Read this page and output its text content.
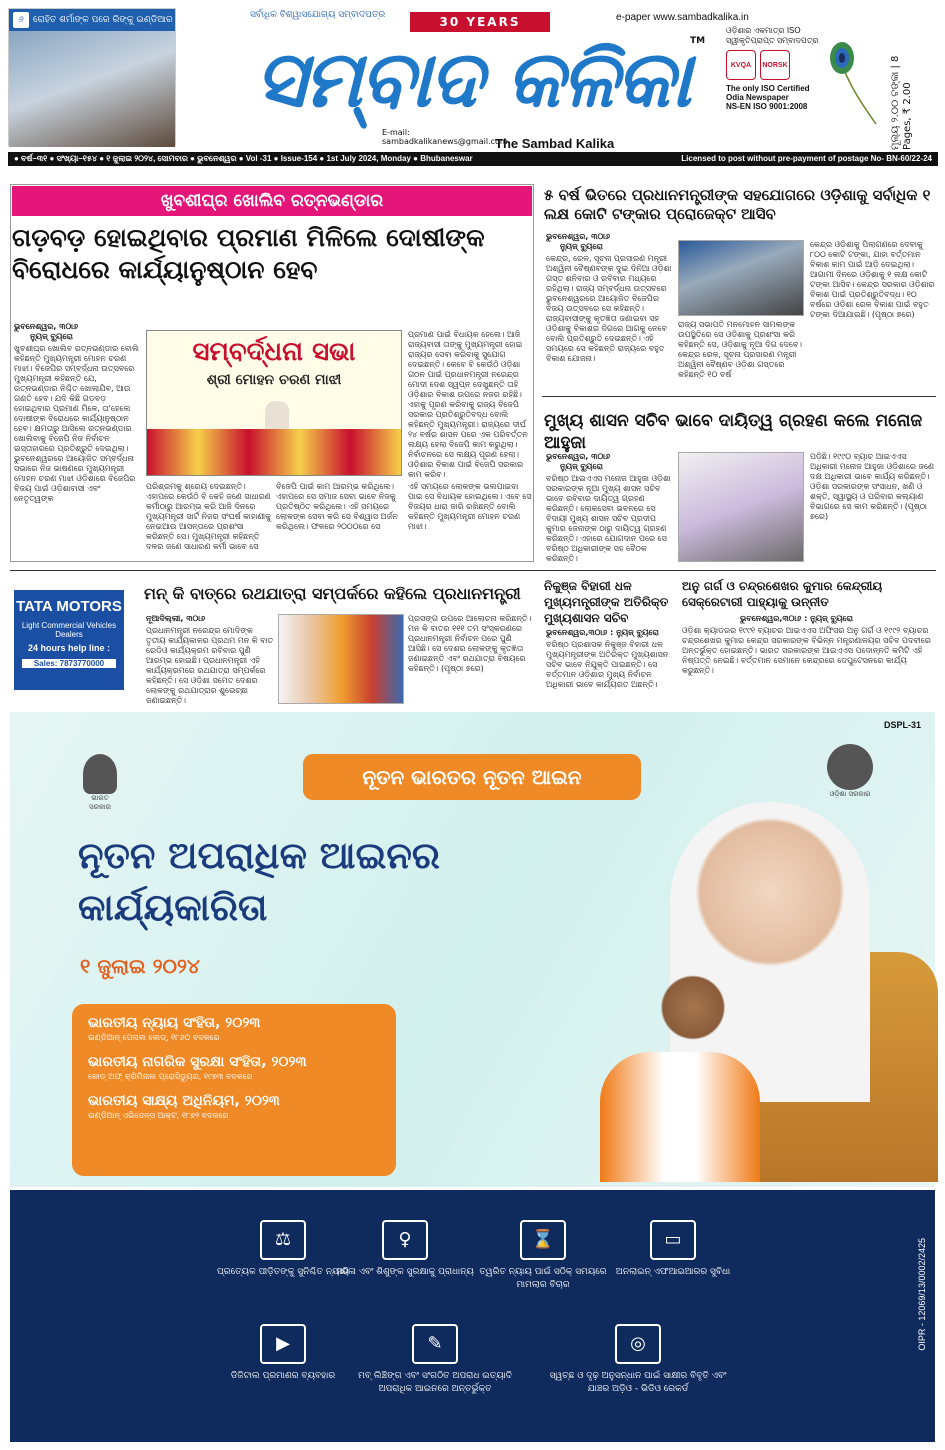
୬ ରୋହିତ ଶର୍ମାଙ୍କ ପରେ ରିଙ୍କୁ ଇଣ୍ଡିଆର କ୍ୟାପ୍ଟେନ ହେବେ କି କୋହଲି
ସର୍ବାଧିକ ବିଶ୍ୱାସଯୋଗ୍ୟ ସମ୍ବାଦପତ୍ର	30 YEARS
ସମ୍ବାଦ କଳିକା TM
E-mail:
sambadkalikanews@gmail.com
The Sambad Kalika
e-paper www.sambadkalika.in
ଓଡ଼ିଶାର ଏକମାତ୍ର ISO ସ୍ୱୀକୃତିପ୍ରାପ୍ତ ସମ୍ବାଦପତ୍ର
KVQA	NORSK
The only ISO Certified
Odia Newspaper
NS-EN ISO 9001:2008	ମୂଲ୍ୟ ୨.୦୦ ଟଙ୍କା | 8 Pages, ₹ 2.00
● ବର୍ଷ–୩୧ ● ସଂଖ୍ୟା–୧୫୪ ● ୧ ଜୁଲାଇ ୨୦୨୪, ସୋମବାର ● ଭୁବନେଶ୍ୱର ● Vol -31 ● Issue-154 ● 1st July 2024, Monday ● Bhubaneswar	Licensed to post without pre-payment of postage No- BN-60/22-24
ଖୁବଶୀଘ୍ର ଖୋଲିବ ରତ୍ନଭଣ୍ଡାର
ଗଡ଼ବଡ଼ ହୋଇଥିବାର ପ୍ରମାଣ ମିଳିଲେ ଦୋଷୀଙ୍କ ବିରୋଧରେ କାର୍ଯ୍ୟାନୁଷ୍ଠାନ ହେବ
ଭୁବନେଶ୍ୱର, ୩୦ା୬
ନ୍ୟୁଜ୍ ବ୍ୟୁରୋ
ଖୁବଶୀଘ୍ର ଖୋଲିବ ରତ୍ନଭଣ୍ଡାର ବୋଲି କହିଛନ୍ତି ମୁଖ୍ୟମନ୍ତ୍ରୀ ମୋହନ ଚରଣ ମାଝୀ। ବିଜେପିର ସମ୍ବର୍ଦ୍ଧନା ଉତ୍ସବରେ ମୁଖ୍ୟମନ୍ତ୍ରୀ କହିଛନ୍ତି ଯେ, ରତ୍ନଭଣ୍ଡାର ନିଶ୍ଚିତ ଖୋଲାଯିବ, ଆଉ ଗଣତି ହେବ। ଯଦି କିଛି ଗଡ଼ବଡ଼ ହୋଇଥିବାର ପ୍ରମାଣ ମିଳେ, ତା'ହେଲେ ଦୋଷୀଙ୍କ ବିରୋଧରେ କାର୍ଯ୍ୟାନୁଷ୍ଠାନ ହେବ। କ୍ଷମତାରୁ ଆସିଲେ ରତ୍ନଭଣ୍ଡାର ଖୋଲିବାକୁ ବିଜେପି ନିଜ ନିର୍ବାଚନ ଇସ୍ତାହାରରେ ପ୍ରତିଶ୍ରୁତି ଦେଇଥିଲା। ଭୁବନେଶ୍ୱରରେ ଆୟୋଜିତ ସମ୍ବର୍ଦ୍ଧନା ସଭାରେ ନିଜ ଭାଷଣରେ ମୁଖ୍ୟମନ୍ତ୍ରୀ ମୋହନ ଚରଣ ମାଝୀ ଓଡ଼ିଶାରେ ବିଜେପିର ବିଜୟ ପାଇଁ ଓଡ଼ିଶାବାସୀ ଏବଂ ନେତୃତ୍ୱଙ୍କ
ସମ୍ବର୍ଦ୍ଧନା ସଭା
ଶ୍ରୀ ମୋହନ ଚରଣ ମାଝୀ
ପ୍ରମାଣ ପାଇଁ ବିଧାୟକ ହେଲେ। ଆଜି ରାଜ୍ୟବାସୀ ତାଙ୍କୁ ମୁଖ୍ୟମନ୍ତ୍ରୀ ହୋଇ ରାଜ୍ୟର ସେବା କରିବାକୁ ସୁଯୋଗ ଦେଇଛନ୍ତି। କେବେ ବି କେଉଁଠି ଓଡ଼ିଶା ଗଠନ ପାଇଁ ପ୍ରଧାନମନ୍ତ୍ରୀ ନରେନ୍ଦ୍ର ମୋଦୀ ଦେଶ ସ୍ୱପ୍ନ ଦେଖୁଛନ୍ତି ତାହି ଓଡ଼ିଶାର ବିକାଶ ଉପରେ ନଜର ରହିଛି। ଏହାକୁ ପୂରଣ କରିବାକୁ ରାଜ୍ୟ ବିଜେପି ସରକାର ପ୍ରତିଶ୍ରୁତିବଦ୍ଧ ବୋଲି କହିଛନ୍ତି ମୁଖ୍ୟମନ୍ତ୍ରୀ। ରାଜ୍ୟରେ ଦୀର୍ଘ ୨୪ ବର୍ଷର ଶାସନ ପରେ ଏକ ପରିବର୍ତ୍ତନ ଲକ୍ଷ୍ୟ ହେଲା ବିଜେପି କାମ କରୁଥିଲା। ନିର୍ବାଚନରେ ସେ ଲକ୍ଷ୍ୟ ପୂରଣ ହେଲା। ଓଡ଼ିଶାର ବିକାଶ ପାଇଁ ବିଜେପି ସରକାର କାମ କରିବ।
ପରିଶ୍ରମକୁ ଶ୍ରେୟ ଦେଇଛନ୍ତି। ଏହାପରେ କେଉଁଠି ବି କେହି ଜଣେ ସାଧାରଣ କର୍ମୀଠାରୁ ଆରମ୍ଭ କରି ଆଜି ଦିନରେ ମୁଖ୍ୟମନ୍ତ୍ରୀ ସାର୍ଟ ନିଜର ସଂଘର୍ଷ କାହାଣୀକୁ ନେଇଆଉ ଆସନ୍ତାରେ ପ୍ରଶଂସା କରିଛନ୍ତି ସେ। ମୁଖ୍ୟମନ୍ତ୍ରୀ କହିଛନ୍ତି ଦଳର ଜଣେ ସାଧାରଣ କର୍ମୀ ଭାବେ ସେ
ବିଜେପି ପାଇଁ କାମ ଆରମ୍ଭ କରିଥିଲେ। ଏହାପରେ ସେ ସମାଜ ସେବା ଭାବେ ନିଜକୁ ପ୍ରତିଷ୍ଠିତ କରିଥିଲେ। ଏହି ସମୟରେ ଲୋକଙ୍କ ସେବା କରି ସେ ବିଶ୍ୱାସ ଅର୍ଜନ କରିଥିଲେ। ଫଳରେ ୨୦୦୦ରେ ସେ
ଏହି ସମୟରେ ଲୋକଙ୍କ ଭଲପାଇବା ପାଇ ସେ ବିଧାୟକ ହୋଇଥିଲେ। ଏବେ ସେ ବିଜୟର ଧାରା ଜାରି ରଖିଛନ୍ତି ବୋଲି କହିଛନ୍ତି ମୁଖ୍ୟମନ୍ତ୍ରୀ ମୋହନ ଚରଣ ମାଝୀ।
୫ ବର୍ଷ ଭିତରେ ପ୍ରଧାନମନ୍ତ୍ରୀଙ୍କ ସହଯୋଗରେ ଓଡ଼ିଶାକୁ ସର୍ବାଧିକ ୧ ଲକ୍ଷ କୋଟି ଟଙ୍କାର ପ୍ରୋଜେକ୍ଟ ଆସିବ
ଭୁବନେଶ୍ୱର, ୩୦ା୬
ନ୍ୟୁଜ୍ ବ୍ୟୁରୋ
କେନ୍ଦ୍ର, ରେଳ, ସୂଚନା ପ୍ରସାରଣ ମନ୍ତ୍ରୀ ଅଶ୍ୱିନୀ ବୈଷ୍ଣବଙ୍କ ଦୁଇ ଦିନିଆ ଓଡ଼ିଶା ଗସ୍ତ ଶନିବାର ଓ ରବିବାର ମଧ୍ୟରେ ରହିଥିଲା। ରାଜ୍ୟ ସମ୍ବର୍ଦ୍ଧନା ଉତ୍ସବରେ ଭୁବନେଶ୍ୱରରେ ଆୟୋଜିତ ବିଜେପିର ବିଜୟ ଉତ୍ସବରେ ସେ କହିଛନ୍ତି। ରାଜ୍ୟବାସୀଙ୍କୁ କୃତଜ୍ଞତା ଜଣାଇବା ସହ ଓଡ଼ିଶାକୁ ବିକାଶର ଦିଗରେ ଆଗକୁ ନେବେ ବୋଲି ପ୍ରତିଶ୍ରୁତି ଦେଇଛନ୍ତି। ଏହି ସମୟରେ ସେ କହିଛନ୍ତି ରାଜ୍ୟରେ ବହୁତ ବିକାଶ ଯୋଜନା।
ରାଜ୍ୟ ସଭାପତି ମନମୋହନ ସାମଲଙ୍କ ଉପସ୍ଥିତିରେ ସେ ଓଡ଼ିଶାକୁ ପ୍ରଶଂସା କରି କହିଛନ୍ତି ସେ, ଓଡ଼ିଶାକୁ ନୂଆ ଦିଗ ଦେବେ। କେନ୍ଦ୍ର ରେଳ, ସୂଚନା ପ୍ରସାରଣ ମନ୍ତ୍ରୀ ଅଶ୍ୱିନୀ ବୈଷ୍ଣବ ଓଡ଼ିଶା ଗସ୍ତରେ କହିଛନ୍ତି ୧୦ ବର୍ଷ
କେନ୍ଦ୍ର ଓଡ଼ିଶାକୁ ପିଲାଗଣରେ ଦେବାକୁ ୮୦୦ କୋଟି ଟଙ୍କା, ଯାହା ବର୍ତ୍ତମାନ ବିକାଶ କାମ ପାଇଁ ଆଡ଼ି ଦେଇଥିଲା। ଆଗାମୀ ଦିନରେ ଓଡ଼ିଶାକୁ ୧ ଲକ୍ଷ କୋଟି ଟଙ୍କା ଆସିବ। କେନ୍ଦ୍ର ସରକାର ଓଡ଼ିଶାର ବିକାଶ ପାଇଁ ପ୍ରତିଶ୍ରୁତିବଦ୍ଧ। ୧୦ ବର୍ଷରେ ଓଡ଼ିଶା ରେଳ ବିକାଶ ପାଇଁ ବହୁତ ଟଙ୍କା ଦିଆଯାଇଛି। (ପୃଷ୍ଠା ୭ରେ)
ମୁଖ୍ୟ ଶାସନ ସଚିବ ଭାବେ ଦାୟିତ୍ୱ ଗ୍ରହଣ କଲେ ମନୋଜ ଆହୁଜା
ଭୁବନେଶ୍ୱର, ୩୦ା୬
ନ୍ୟୁଜ୍ ବ୍ୟୁରୋ
ବରିଷ୍ଠ ଆଇଏଏସ ମନୋଜ ଆହୁଜା ଓଡ଼ିଶା ସରକାରଙ୍କ ନୂଆ ମୁଖ୍ୟ ଶାସନ ସଚିବ ଭାବେ ରବିବାର ଦାୟିତ୍ୱ ଗ୍ରହଣ କରିଛନ୍ତି। ଲୋକସେବା ଭବନରେ ସେ ବିଦାୟୀ ମୁଖ୍ୟ ଶାସନ ସଚିବ ପ୍ରଦୀପ କୁମାର ଜେନାଙ୍କ ଠାରୁ ଦାୟିତ୍ୱ ଗ୍ରହଣ କରିଛନ୍ତି। ଏହାରେ ଯୋଗଦାନ ପରେ ସେ ବରିଷ୍ଠ ଅଧିକାରୀଙ୍କ ସହ ବୈଠକ କରିଛନ୍ତି।
ପଡ଼ିଛି। ୧୯୯୦ ବ୍ୟାଚ ଆଇଏଏସ ଅଧିକାରୀ ମନୋଜ ଆହୁଜା ଓଡ଼ିଶାରେ ଜଣେ ଦକ୍ଷ ଅଧିକାରୀ ଭାବେ କାର୍ଯ୍ୟ କରିଛନ୍ତି। ଓଡ଼ିଶା ସରକାରଙ୍କ ସଂସାଧନ, ଖଣି ଓ ଶକ୍ତି, ସ୍ୱାସ୍ଥ୍ୟ ଓ ପରିବାର କଲ୍ୟାଣ ବିଭାଗରେ ସେ କାମ କରିଛନ୍ତି। (ପୃଷ୍ଠା ୭ରେ)
TATA MOTORS
Light Commercial Vehicles Dealers
24 hours help line :
Sales: 7873770000
ମନ୍ କି ବାତ୍‌ରେ ରଥଯାତ୍ରା ସମ୍ପର୍କରେ କହିଲେ ପ୍ରଧାନମନ୍ତ୍ରୀ
ନୂଆଦିଲ୍ଲୀ, ୩୦ା୬
ପ୍ରଧାନମନ୍ତ୍ରୀ ନରେନ୍ଦ୍ର ମୋଦିଙ୍କ ତୃତୀୟ କାର୍ଯ୍ୟକାଳର ପ୍ରଥମ ମନ କି ବାତ ରେଡିଓ କାର୍ଯ୍ୟକ୍ରମ ରବିବାର ପୁଣି ଆରମ୍ଭ ହୋଇଛି। ପ୍ରଧାନମନ୍ତ୍ରୀ ଏହି କାର୍ଯ୍ୟକ୍ରମରେ ରଥଯାତ୍ରା ସମ୍ପର୍କରେ କହିଛନ୍ତି। ସେ ଓଡ଼ିଶା ସମେତ ଦେଶର ଲୋକଙ୍କୁ ରଥଯାତ୍ରାର ଶୁଭେଚ୍ଛା ଜଣାଇଛନ୍ତି।
ପ୍ରସଙ୍ଗ ଉପରେ ଆଲୋଚନା କରିଛନ୍ତି। ମନ କି ବାତର ୧୧୧ ତମ ସଂସ୍କରଣରେ ପ୍ରଧାନମନ୍ତ୍ରୀ ନିର୍ବାଚନ ପରେ ପୁଣି ଆସିଛି। ସେ ଦେଶର ଲୋକଙ୍କୁ କୃତଜ୍ଞତା ଜଣାଇଛନ୍ତି ଏବଂ ରଥଯାତ୍ରା ବିଷୟରେ କହିଛନ୍ତି। (ପୃଷ୍ଠା ୭ରେ)
ନିକୁଞ୍ଜ ବିହାରୀ ଧଳ ମୁଖ୍ୟମନ୍ତ୍ରୀଙ୍କ ଅତିରିକ୍ତ ମୁଖ୍ୟଶାସନ ସଚିବ
ଭୁବନେଶ୍ୱର,୩୦ା୬ : ନ୍ୟୁଜ୍ ବ୍ୟୁରୋ
ବରିଷ୍ଠ ପ୍ରଶାସକ ନିକୁଞ୍ଜ ବିହାରୀ ଧଳ ମୁଖ୍ୟମନ୍ତ୍ରୀଙ୍କ ଅତିରିକ୍ତ ମୁଖ୍ୟଶାସନ ସଚିବ ଭାବେ ନିଯୁକ୍ତି ପାଇଛନ୍ତି। ସେ ବର୍ତ୍ତମାନ ଓଡ଼ିଶାର ମୁଖ୍ୟ ନିର୍ବାଚନ ଅଧିକାରୀ ଭାବେ କାର୍ଯ୍ୟରତ ଅଛନ୍ତି।
ଅନୁ ଗର୍ଗ ଓ ଚନ୍ଦ୍ରଶେଖର କୁମାର କେନ୍ଦ୍ରୀୟ ସେକ୍ରେଟାରୀ ପାହ୍ୟାକୁ ଉନ୍ନୀତ
ଭୁବନେଶ୍ୱର,୩୦ା୬ : ନ୍ୟୁଜ୍ ବ୍ୟୁରୋ
ଓଡ଼ିଶା କ୍ୟାଡରର ୧୯୯୧ ବ୍ୟାଚର ଆଇଏଏସ ଅଫିସର ଅନୁ ଗର୍ଗ ଓ ୧୯୯୨ ବ୍ୟାଚର ଚନ୍ଦ୍ରଶେଖର କୁମାର କେନ୍ଦ୍ର ସରକାରଙ୍କ ବିଭିନ୍ନ ମନ୍ତ୍ରଣାଳୟର ସଚିବ ପଦବୀରେ ଅନ୍ତର୍ଭୁକ୍ତ ହୋଇଛନ୍ତି। ଭାରତ ସରକାରଙ୍କ ଆଇଏଏସ ପଦୋନ୍ନତି କମିଟି ଏହି ନିଷ୍ପତ୍ତି ନେଇଛି। ବର୍ତ୍ତମାନ ସେମାନେ କେନ୍ଦ୍ରରେ ଡେପୁଟେସନରେ କାର୍ଯ୍ୟ କରୁଛନ୍ତି।
DSPL-31
ଭାରତ ସରକାର
ଓଡ଼ିଶା ସରକାର
ନୂତନ ଭାରତର ନୂତନ ଆଇନ
ନୂତନ ଅପରାଧିକ ଆଇନର
କାର୍ଯ୍ୟକାରିତା
୧ ଜୁଲାଇ ୨୦୨୪
ଭାରତୀୟ ନ୍ୟାୟ ସଂହିତା, ୨୦୨୩
ଇଣ୍ଡିଆନ୍ ପେନାଲ କୋଡ୍, ୧୮୬୦ ବଦଳରେ
ଭାରତୀୟ ନାଗରିକ ସୁରକ୍ଷା ସଂହିତା, ୨୦୨୩
କୋଡ୍ ଅଫ୍ କ୍ରିମିନାଲ ପ୍ରୋସିଡ୍ୟୁର, ୧୯୭୩ ବଦଳରେ
ଭାରତୀୟ ସାକ୍ଷ୍ୟ ଅଧିନିୟମ, ୨୦୨୩
ଇଣ୍ଡିଆନ୍ ଏଭିଡେନ୍ସ ଆକ୍ଟ, ୧୮୭୨ ବଦଳରେ
⚖
ପ୍ରତ୍ୟେକ ପୀଡ଼ିତଙ୍କୁ ସୁନିଶ୍ଚିତ ନ୍ୟାୟ
♀
ମହିଳା ଏବଂ ଶିଶୁଙ୍କ ସୁରକ୍ଷାକୁ ପ୍ରାଧାନ୍ୟ
⌛
ତ୍ୱରିତ ନ୍ୟାୟ ପାଇଁ ସଠିକ୍ ସମୟରେ ମାମଲାର ବିଚାର
▭
ଅନଲାଇନ୍ ଏଫଆଇଆରର ସୁବିଧା
▶
ଡିଜିଟାଲ ପ୍ରମାଣର ବ୍ୟବହାର
✎
ମବ୍ ଲିଞ୍ଚିଙ୍ଗ ଏବଂ ସଂଗଠିତ ଅପରାଧ ଇତ୍ୟାଦି ଅପରାଧିକ ଆଇନରେ ଅନ୍ତର୍ଭୁକ୍ତ
◎
ସ୍ୱଚ୍ଛ ଓ ଦୃଢ଼ ଅନୁସନ୍ଧାନ ପାଇଁ ସାକ୍ଷୀର ବିବୃତି ଏବଂ ଯାଞ୍ଚର ଅଡ଼ିଓ - ଭିଡିଓ ରେକର୍ଡ
OIPR - 12069/13/0002/2425
